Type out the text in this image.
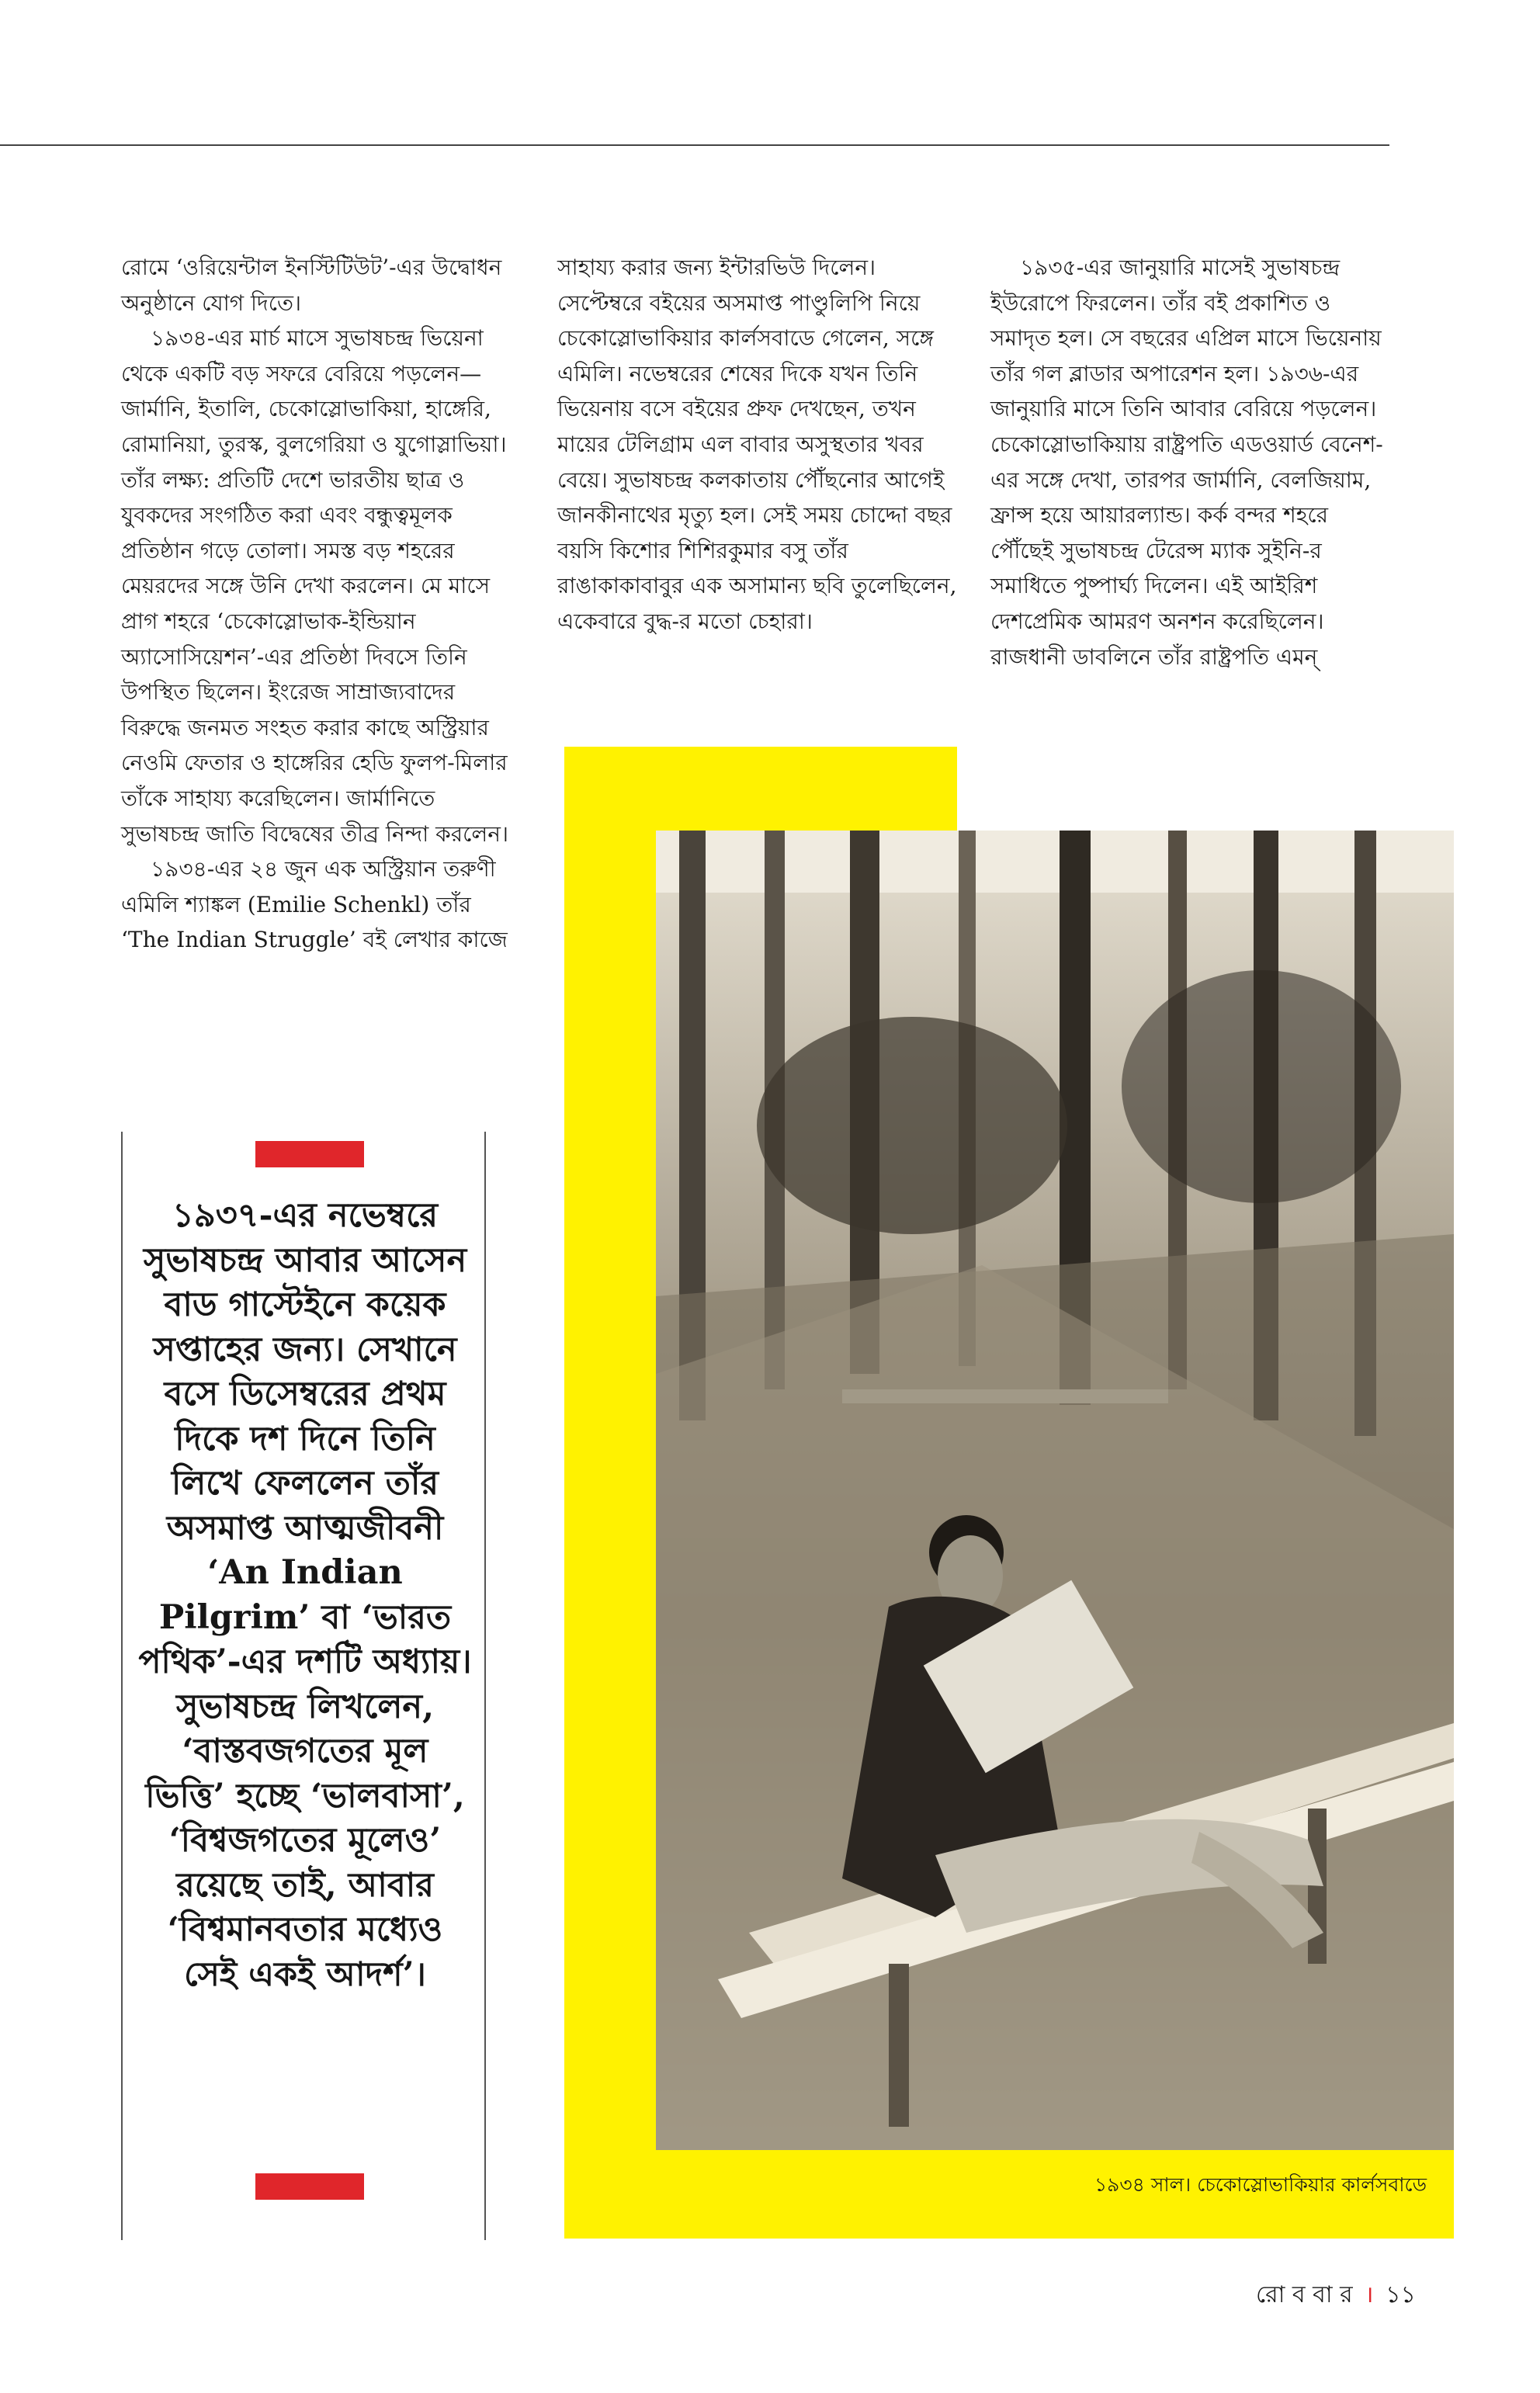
রোমে ‘ওরিয়েন্টাল ইনস্টিটিউট’-এর উদ্বোধন অনুষ্ঠানে যোগ দিতে।

১৯৩৪-এর মার্চ মাসে সুভাষচন্দ্র ভিয়েনা থেকে একটি বড় সফরে বেরিয়ে পড়লেন— জার্মানি, ইতালি, চেকোস্লোভাকিয়া, হাঙ্গেরি, রোমানিয়া, তুরস্ক, বুলগেরিয়া ও যুগোস্লাভিয়া। তাঁর লক্ষ্য: প্রতিটি দেশে ভারতীয় ছাত্র ও যুবকদের সংগঠিত করা এবং বন্ধুত্বমূলক প্রতিষ্ঠান গড়ে তোলা। সমস্ত বড় শহরের মেয়রদের সঙ্গে উনি দেখা করলেন। মে মাসে প্রাগ শহরে ‘চেকোস্লোভাক-ইন্ডিয়ান অ্যাসোসিয়েশন’-এর প্রতিষ্ঠা দিবসে তিনি উপস্থিত ছিলেন। ইংরেজ সাম্রাজ্যবাদের বিরুদ্ধে জনমত সংহত করার কাছে অস্ট্রিয়ার নেওমি ফেতার ও হাঙ্গেরির হেডি ফুলপ-মিলার তাঁকে সাহায্য করেছিলেন। জার্মানিতে সুভাষচন্দ্র জাতি বিদ্বেষের তীব্র নিন্দা করলেন।

১৯৩৪-এর ২৪ জুন এক অস্ট্রিয়ান তরুণী এমিলি শ্যাঙ্কল (Emilie Schenkl) তাঁর ‘The Indian Struggle’ বই লেখার কাজে

সাহায্য করার জন্য ইন্টারভিউ দিলেন। সেপ্টেম্বরে বইয়ের অসমাপ্ত পাণ্ডুলিপি নিয়ে চেকোস্লোভাকিয়ার কার্লসবাডে গেলেন, সঙ্গে এমিলি। নভেম্বরের শেষের দিকে যখন তিনি ভিয়েনায় বসে বইয়ের প্রুফ দেখছেন, তখন মায়ের টেলিগ্রাম এল বাবার অসুস্থতার খবর বেয়ে। সুভাষচন্দ্র কলকাতায় পৌঁছনোর আগেই জানকীনাথের মৃত্যু হল। সেই সময় চোদ্দো বছর বয়সি কিশোর শিশিরকুমার বসু তাঁর রাঙাকাকাবাবুর এক অসামান্য ছবি তুলেছিলেন, একেবারে বুদ্ধ-র মতো চেহারা।

১৯৩৫-এর জানুয়ারি মাসেই সুভাষচন্দ্র ইউরোপে ফিরলেন। তাঁর বই প্রকাশিত ও সমাদৃত হল। সে বছরের এপ্রিল মাসে ভিয়েনায় তাঁর গল ব্লাডার অপারেশন হল। ১৯৩৬-এর জানুয়ারি মাসে তিনি আবার বেরিয়ে পড়লেন। চেকোস্লোভাকিয়ায় রাষ্ট্রপতি এডওয়ার্ড বেনেশ-এর সঙ্গে দেখা, তারপর জার্মানি, বেলজিয়াম, ফ্রান্স হয়ে আয়ারল্যান্ড। কর্ক বন্দর শহরে পৌঁছেই সুভাষচন্দ্র টেরেন্স ম্যাক সুইনি-র সমাধিতে পুষ্পার্ঘ্য দিলেন। এই আইরিশ দেশপ্রেমিক আমরণ অনশন করেছিলেন। রাজধানী ডাবলিনে তাঁর রাষ্ট্রপতি এমন্

১৯৩৭-এর নভেম্বরে সুভাষচন্দ্র আবার আসেন বাড গাস্টেইনে কয়েক সপ্তাহের জন্য। সেখানে বসে ডিসেম্বরের প্রথম দিকে দশ দিনে তিনি লিখে ফেললেন তাঁর অসমাপ্ত আত্মজীবনী ‘An Indian Pilgrim’ বা ‘ভারত পথিক’-এর দশটি অধ্যায়। সুভাষচন্দ্র লিখলেন, ‘বাস্তবজগতের মূল ভিত্তি’ হচ্ছে ‘ভালবাসা’, ‘বিশ্বজগতের মূলেও’ রয়েছে তাই, আবার ‘বিশ্বমানবতার মধ্যেও সেই একই আদর্শ’।
১৯৩৪ সাল। চেকোস্লোভাকিয়ার কার্লসবাডে
রো ব বা র । ১১
